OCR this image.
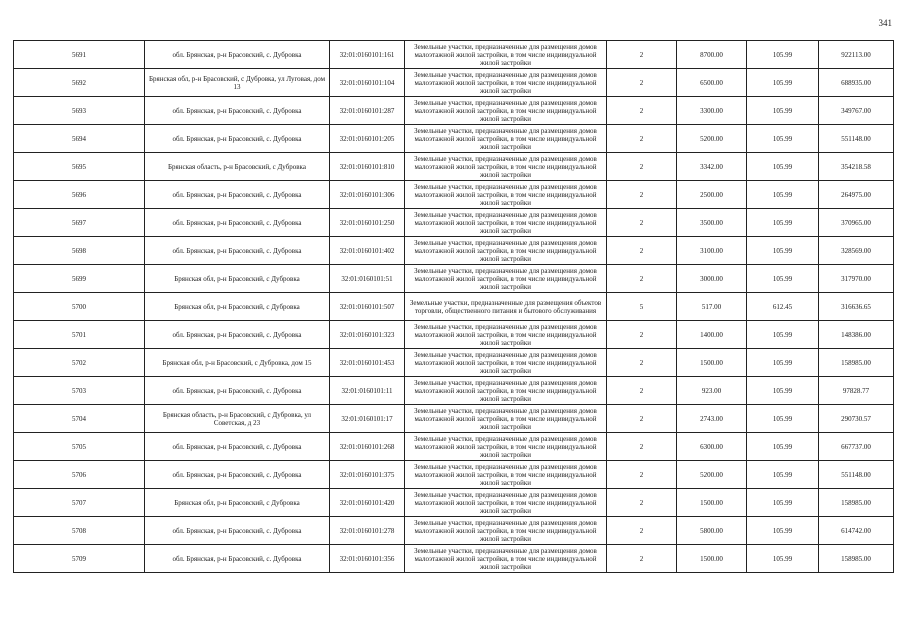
341
5691	обл. Брянская, р-н Брасовский, с. Дубровка	32:01:0160101:161	Земельные участки, предназначенные для размещения домов малоэтажной жилой застройки, в том числе индивидуальной жилой застройки	2	8700.00	105.99	922113.00
5692	Брянская обл, р-н Брасовский, с Дубровка, ул Луговая, дом 13	32:01:0160101:104	Земельные участки, предназначенные для размещения домов малоэтажной жилой застройки, в том числе индивидуальной жилой застройки	2	6500.00	105.99	688935.00
5693	обл. Брянская, р-н Брасовский, с. Дубровка	32:01:0160101:287	Земельные участки, предназначенные для размещения домов малоэтажной жилой застройки, в том числе индивидуальной жилой застройки	2	3300.00	105.99	349767.00
5694	обл. Брянская, р-н Брасовский, с. Дубровка	32:01:0160101:205	Земельные участки, предназначенные для размещения домов малоэтажной жилой застройки, в том числе индивидуальной жилой застройки	2	5200.00	105.99	551148.00
5695	Брянская область, р-н Брасовский, с Дубровка	32:01:0160101:810	Земельные участки, предназначенные для размещения домов малоэтажной жилой застройки, в том числе индивидуальной жилой застройки	2	3342.00	105.99	354218.58
5696	обл. Брянская, р-н Брасовский, с. Дубровка	32:01:0160101:306	Земельные участки, предназначенные для размещения домов малоэтажной жилой застройки, в том числе индивидуальной жилой застройки	2	2500.00	105.99	264975.00
5697	обл. Брянская, р-н Брасовский, с. Дубровка	32:01:0160101:250	Земельные участки, предназначенные для размещения домов малоэтажной жилой застройки, в том числе индивидуальной жилой застройки	2	3500.00	105.99	370965.00
5698	обл. Брянская, р-н Брасовский, с. Дубровка	32:01:0160101:402	Земельные участки, предназначенные для размещения домов малоэтажной жилой застройки, в том числе индивидуальной жилой застройки	2	3100.00	105.99	328569.00
5699	Брянская обл, р-н Брасовский, с Дубровка	32:01:0160101:51	Земельные участки, предназначенные для размещения домов малоэтажной жилой застройки, в том числе индивидуальной жилой застройки	2	3000.00	105.99	317970.00
5700	Брянская обл, р-н Брасовский, с Дубровка	32:01:0160101:507	Земельные участки, предназначенные для размещения объектов торговли, общественного питания и бытового обслуживания	5	517.00	612.45	316636.65
5701	обл. Брянская, р-н Брасовский, с. Дубровка	32:01:0160101:323	Земельные участки, предназначенные для размещения домов малоэтажной жилой застройки, в том числе индивидуальной жилой застройки	2	1400.00	105.99	148386.00
5702	Брянская обл, р-н Брасовский, с Дубровка, дом 15	32:01:0160101:453	Земельные участки, предназначенные для размещения домов малоэтажной жилой застройки, в том числе индивидуальной жилой застройки	2	1500.00	105.99	158985.00
5703	обл. Брянская, р-н Брасовский, с. Дубровка	32:01:0160101:11	Земельные участки, предназначенные для размещения домов малоэтажной жилой застройки, в том числе индивидуальной жилой застройки	2	923.00	105.99	97828.77
5704	Брянская область, р-н Брасовский, с Дубровка, ул Советская, д 23	32:01:0160101:17	Земельные участки, предназначенные для размещения домов малоэтажной жилой застройки, в том числе индивидуальной жилой застройки	2	2743.00	105.99	290730.57
5705	обл. Брянская, р-н Брасовский, с. Дубровка	32:01:0160101:268	Земельные участки, предназначенные для размещения домов малоэтажной жилой застройки, в том числе индивидуальной жилой застройки	2	6300.00	105.99	667737.00
5706	обл. Брянская, р-н Брасовский, с. Дубровка	32:01:0160101:375	Земельные участки, предназначенные для размещения домов малоэтажной жилой застройки, в том числе индивидуальной жилой застройки	2	5200.00	105.99	551148.00
5707	Брянская обл, р-н Брасовский, с Дубровка	32:01:0160101:420	Земельные участки, предназначенные для размещения домов малоэтажной жилой застройки, в том числе индивидуальной жилой застройки	2	1500.00	105.99	158985.00
5708	обл. Брянская, р-н Брасовский, с. Дубровка	32:01:0160101:278	Земельные участки, предназначенные для размещения домов малоэтажной жилой застройки, в том числе индивидуальной жилой застройки	2	5800.00	105.99	614742.00
5709	обл. Брянская, р-н Брасовский, с. Дубровка	32:01:0160101:356	Земельные участки, предназначенные для размещения домов малоэтажной жилой застройки, в том числе индивидуальной жилой застройки	2	1500.00	105.99	158985.00
